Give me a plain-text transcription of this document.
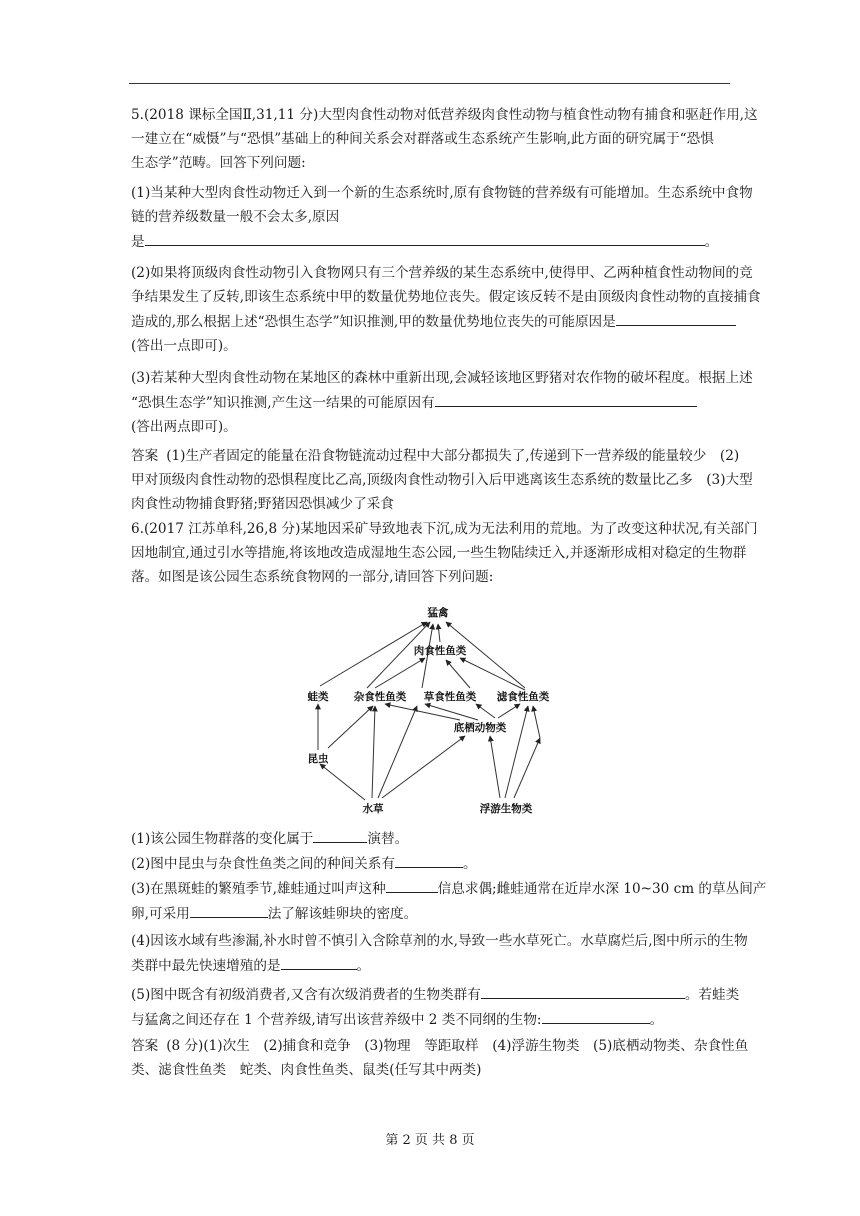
5.(2018 课标全国Ⅱ,31,11 分)大型肉食性动物对低营养级肉食性动物与植食性动物有捕食和驱赶作用,这
一建立在“威慑”与“恐惧”基础上的种间关系会对群落或生态系统产生影响,此方面的研究属于“恐惧
生态学”范畴。回答下列问题:

(1)当某种大型肉食性动物迁入到一个新的生态系统时,原有食物链的营养级有可能增加。生态系统中食物
链的营养级数量一般不会太多,原因
是	。

(2)如果将顶级肉食性动物引入食物网只有三个营养级的某生态系统中,使得甲、乙两种植食性动物间的竞
争结果发生了反转,即该生态系统中甲的数量优势地位丧失。假定该反转不是由顶级肉食性动物的直接捕食
造成的,那么根据上述“恐惧生态学”知识推测,甲的数量优势地位丧失的可能原因是
(答出一点即可)。

(3)若某种大型肉食性动物在某地区的森林中重新出现,会减轻该地区野猪对农作物的破坏程度。根据上述
“恐惧生态学”知识推测,产生这一结果的可能原因有
(答出两点即可)。

答案 (1)生产者固定的能量在沿食物链流动过程中大部分都损失了,传递到下一营养级的能量较少　(2)
甲对顶级肉食性动物的恐惧程度比乙高,顶级肉食性动物引入后甲逃离该生态系统的数量比乙多　(3)大型
肉食性动物捕食野猪;野猪因恐惧减少了采食

6.(2017 江苏单科,26,8 分)某地因采矿导致地表下沉,成为无法利用的荒地。为了改变这种状况,有关部门
因地制宜,通过引水等措施,将该地改造成湿地生态公园,一些生物陆续迁入,并逐渐形成相对稳定的生物群
落。如图是该公园生态系统食物网的一部分,请回答下列问题:

猛禽
肉食性鱼类
蛙类 杂食性鱼类 草食性鱼类 滤食性鱼类
底栖动物类
昆虫
水草	浮游生物类

(1)该公园生物群落的变化属于	演替。

(2)图中昆虫与杂食性鱼类之间的种间关系有	。

(3)在黑斑蛙的繁殖季节,雄蛙通过叫声这种	信息求偶;雌蛙通常在近岸水深 10~30 cm 的草丛间产
卵,可采用	法了解该蛙卵块的密度。

(4)因该水域有些渗漏,补水时曾不慎引入含除草剂的水,导致一些水草死亡。水草腐烂后,图中所示的生物
类群中最先快速增殖的是	。

(5)图中既含有初级消费者,又含有次级消费者的生物类群有	。若蛙类
与猛禽之间还存在 1 个营养级,请写出该营养级中 2 类不同纲的生物:	。

答案 (8 分)(1)次生　(2)捕食和竞争　(3)物理　等距取样　(4)浮游生物类　(5)底栖动物类、杂食性鱼
类、滤食性鱼类　蛇类、肉食性鱼类、鼠类(任写其中两类)

第 2 页 共 8 页
